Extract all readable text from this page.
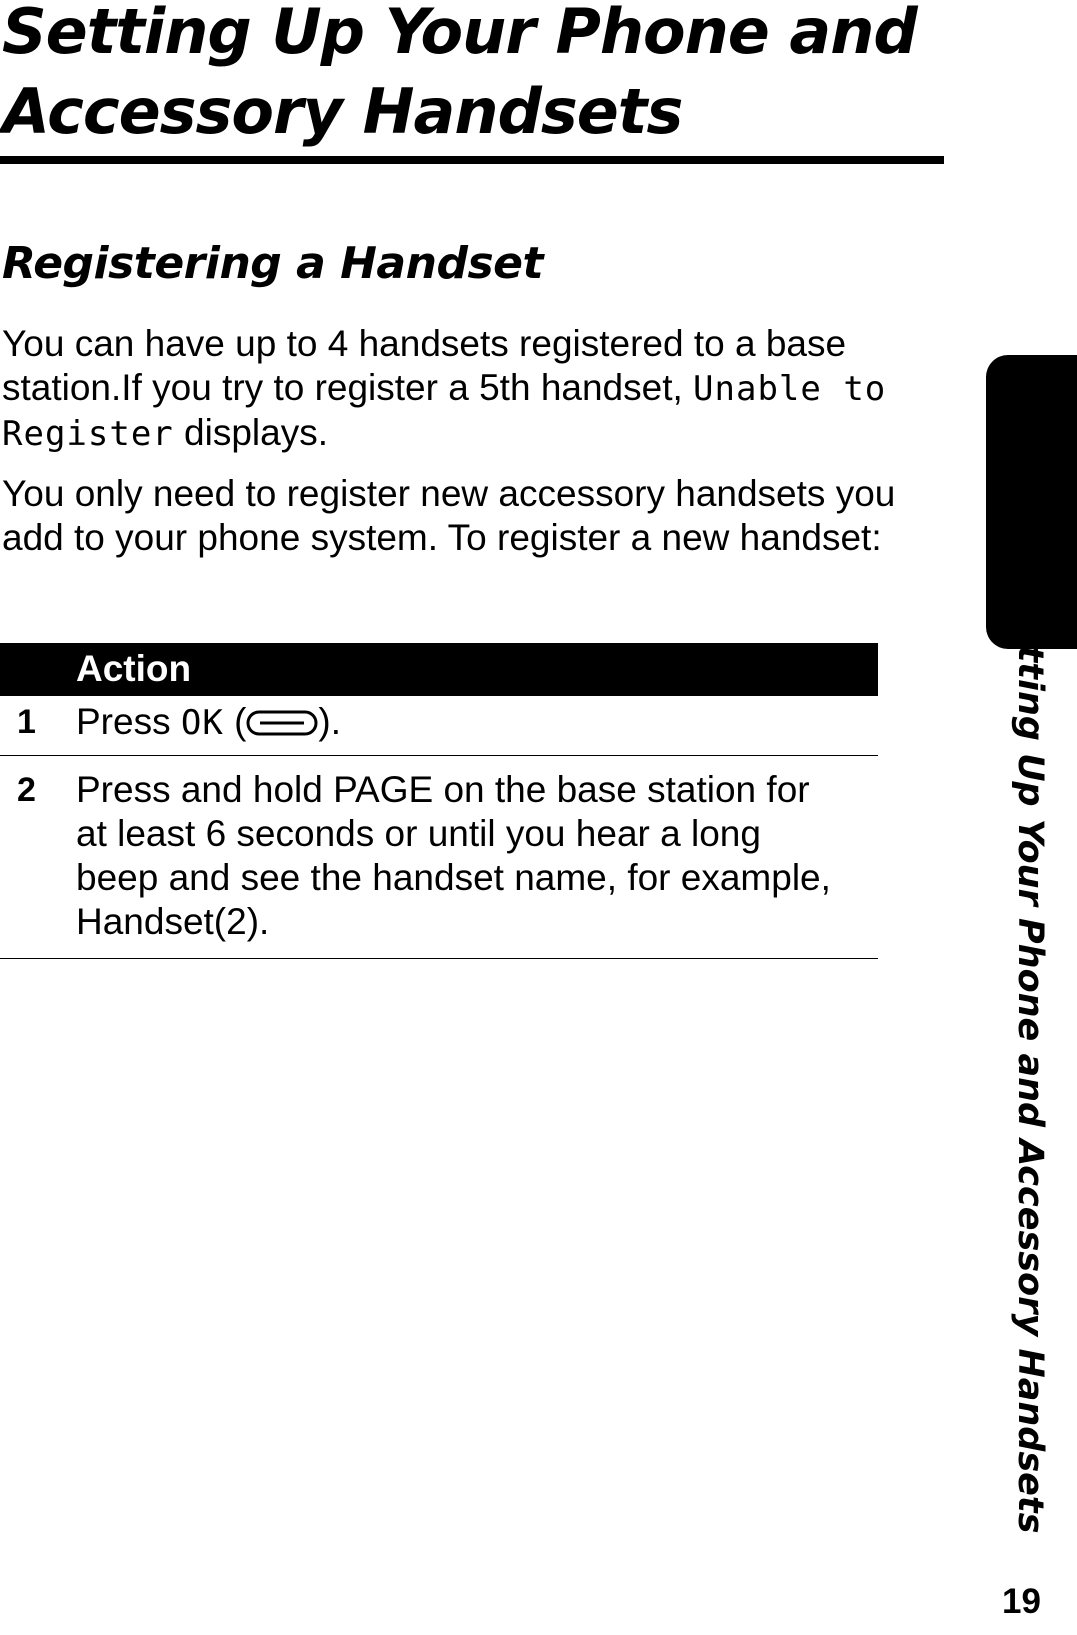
Setting Up Your Phone and Accessory Handsets
Registering a Handset

You can have up to 4 handsets registered to a base station.If you try to register a 5th handset, Unable to Register displays.

You only need to register new accessory handsets you add to your phone system. To register a new handset:

Action
1 Press OK ( ).
2 Press and hold PAGE on the base station for at least 6 seconds or until you hear a long beep and see the handset name, for example, Handset(2).	Setting Up Your Phone and Accessory Handsets
19
